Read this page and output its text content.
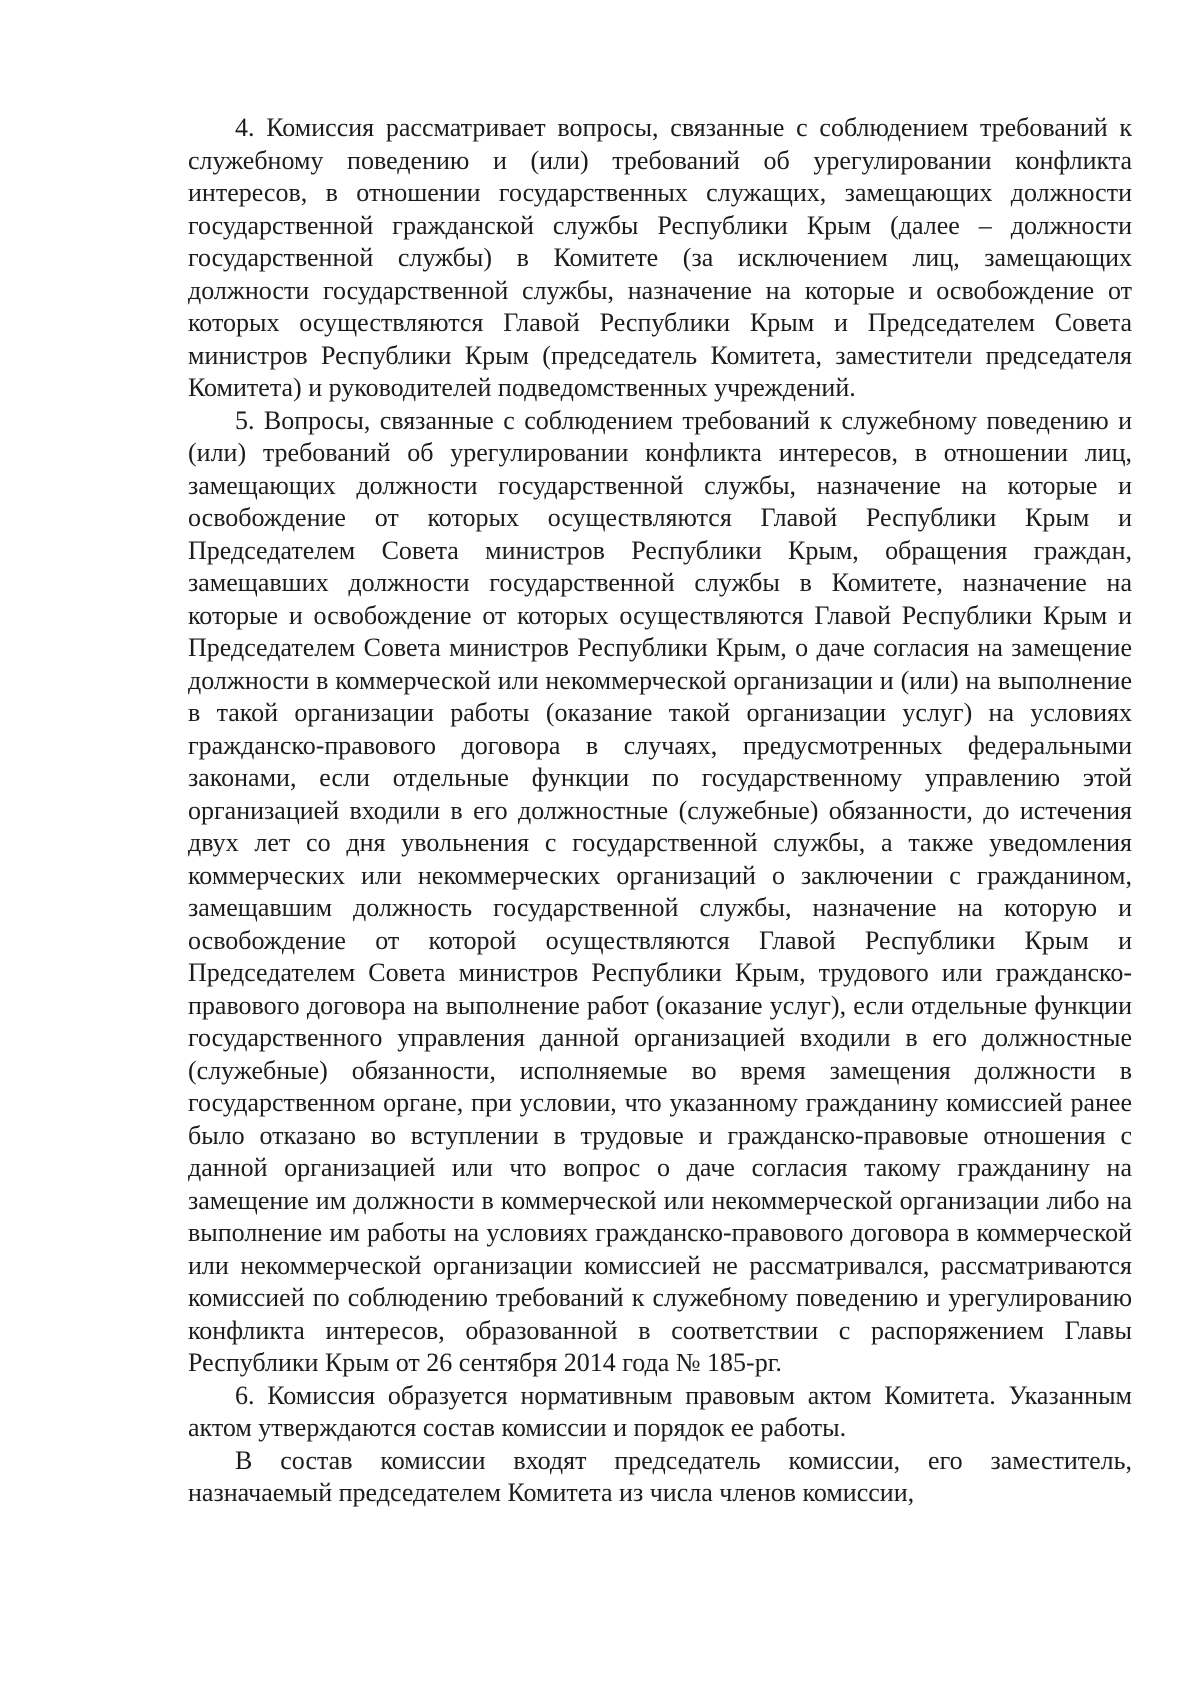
4. Комиссия рассматривает вопросы, связанные с соблюдением требований к служебному поведению и (или) требований об урегулировании конфликта интересов, в отношении государственных служащих, замещающих должности государственной гражданской службы Республики Крым (далее – должности государственной службы) в Комитете (за исключением лиц, замещающих должности государственной службы, назначение на которые и освобождение от которых осуществляются Главой Республики Крым и Председателем Совета министров Республики Крым (председатель Комитета, заместители председателя Комитета) и руководителей подведомственных учреждений.

5. Вопросы, связанные с соблюдением требований к служебному поведению и (или) требований об урегулировании конфликта интересов, в отношении лиц, замещающих должности государственной службы, назначение на которые и освобождение от которых осуществляются Главой Республики Крым и Председателем Совета министров Республики Крым, обращения граждан, замещавших должности государственной службы в Комитете, назначение на которые и освобождение от которых осуществляются Главой Республики Крым и Председателем Совета министров Республики Крым, о даче согласия на замещение должности в коммерческой или некоммерческой организации и (или) на выполнение в такой организации работы (оказание такой организации услуг) на условиях гражданско-правового договора в случаях, предусмотренных федеральными законами, если отдельные функции по государственному управлению этой организацией входили в его должностные (служебные) обязанности, до истечения двух лет со дня увольнения с государственной службы, а также уведомления коммерческих или некоммерческих организаций о заключении с гражданином, замещавшим должность государственной службы, назначение на которую и освобождение от которой осуществляются Главой Республики Крым и Председателем Совета министров Республики Крым, трудового или гражданско-правового договора на выполнение работ (оказание услуг), если отдельные функции государственного управления данной организацией входили в его должностные (служебные) обязанности, исполняемые во время замещения должности в государственном органе, при условии, что указанному гражданину комиссией ранее было отказано во вступлении в трудовые и гражданско-правовые отношения с данной организацией или что вопрос о даче согласия такому гражданину на замещение им должности в коммерческой или некоммерческой организации либо на выполнение им работы на условиях гражданско-правового договора в коммерческой или некоммерческой организации комиссией не рассматривался, рассматриваются комиссией по соблюдению требований к служебному поведению и урегулированию конфликта интересов, образованной в соответствии с распоряжением Главы Республики Крым от 26 сентября 2014 года № 185-рг.

6. Комиссия образуется нормативным правовым актом Комитета. Указанным актом утверждаются состав комиссии и порядок ее работы.

В состав комиссии входят председатель комиссии, его заместитель, назначаемый председателем Комитета из числа членов комиссии,
